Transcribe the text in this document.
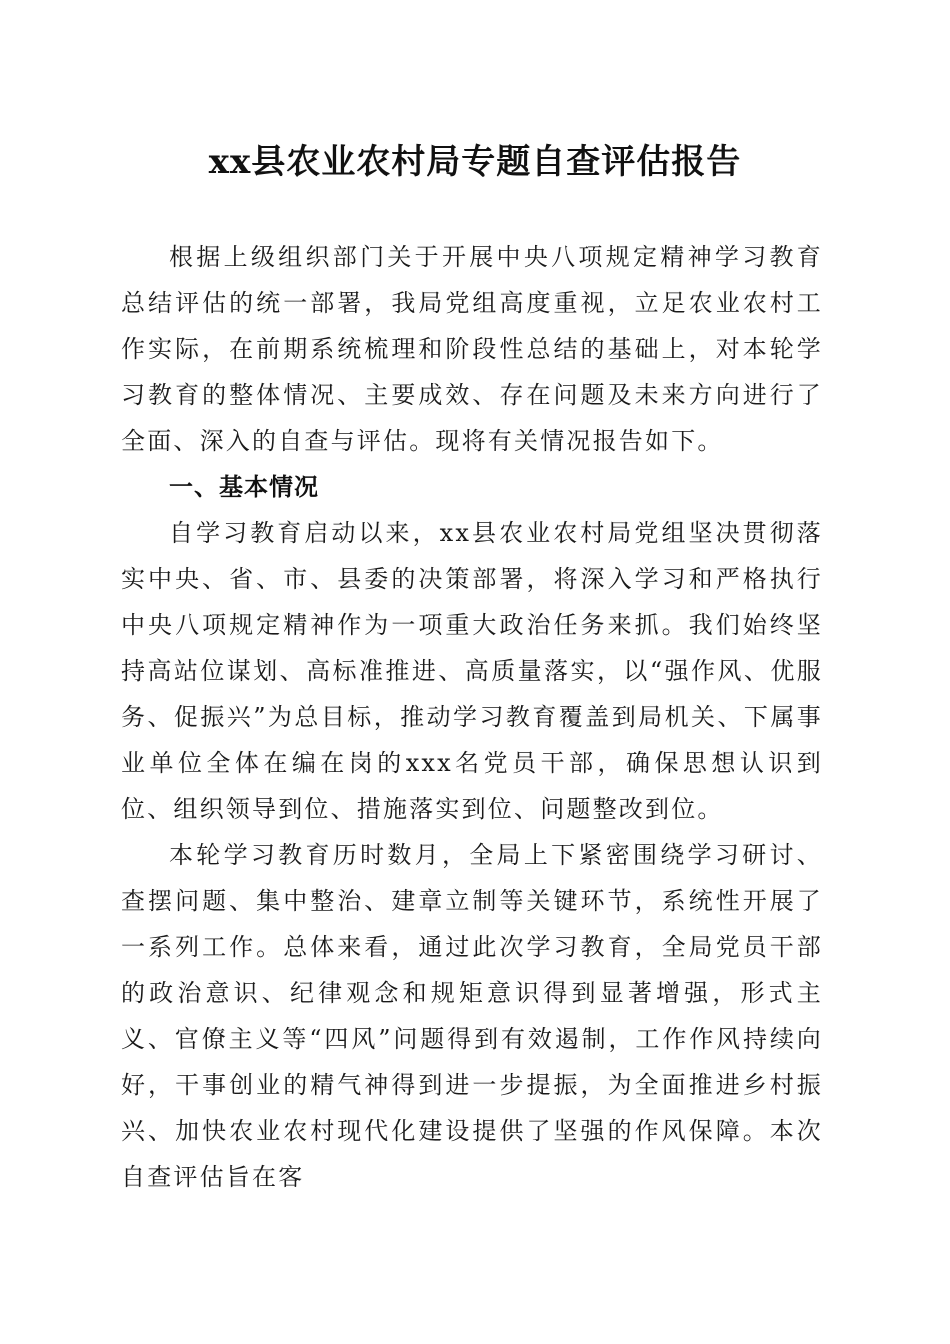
xx县农业农村局专题自查评估报告

根据上级组织部门关于开展中央八项规定精神学习教育总结评估的统一部署，我局党组高度重视，立足农业农村工作实际，在前期系统梳理和阶段性总结的基础上，对本轮学习教育的整体情况、主要成效、存在问题及未来方向进行了全面、深入的自查与评估。现将有关情况报告如下。

一、基本情况

自学习教育启动以来，xx县农业农村局党组坚决贯彻落实中央、省、市、县委的决策部署，将深入学习和严格执行中央八项规定精神作为一项重大政治任务来抓。我们始终坚持高站位谋划、高标准推进、高质量落实，以“强作风、优服务、促振兴”为总目标，推动学习教育覆盖到局机关、下属事业单位全体在编在岗的xxx名党员干部，确保思想认识到位、组织领导到位、措施落实到位、问题整改到位。

本轮学习教育历时数月，全局上下紧密围绕学习研讨、查摆问题、集中整治、建章立制等关键环节，系统性开展了一系列工作。总体来看，通过此次学习教育，全局党员干部的政治意识、纪律观念和规矩意识得到显著增强，形式主义、官僚主义等“四风”问题得到有效遏制，工作作风持续向好，干事创业的精气神得到进一步提振，为全面推进乡村振兴、加快农业农村现代化建设提供了坚强的作风保障。本次自查评估旨在客
